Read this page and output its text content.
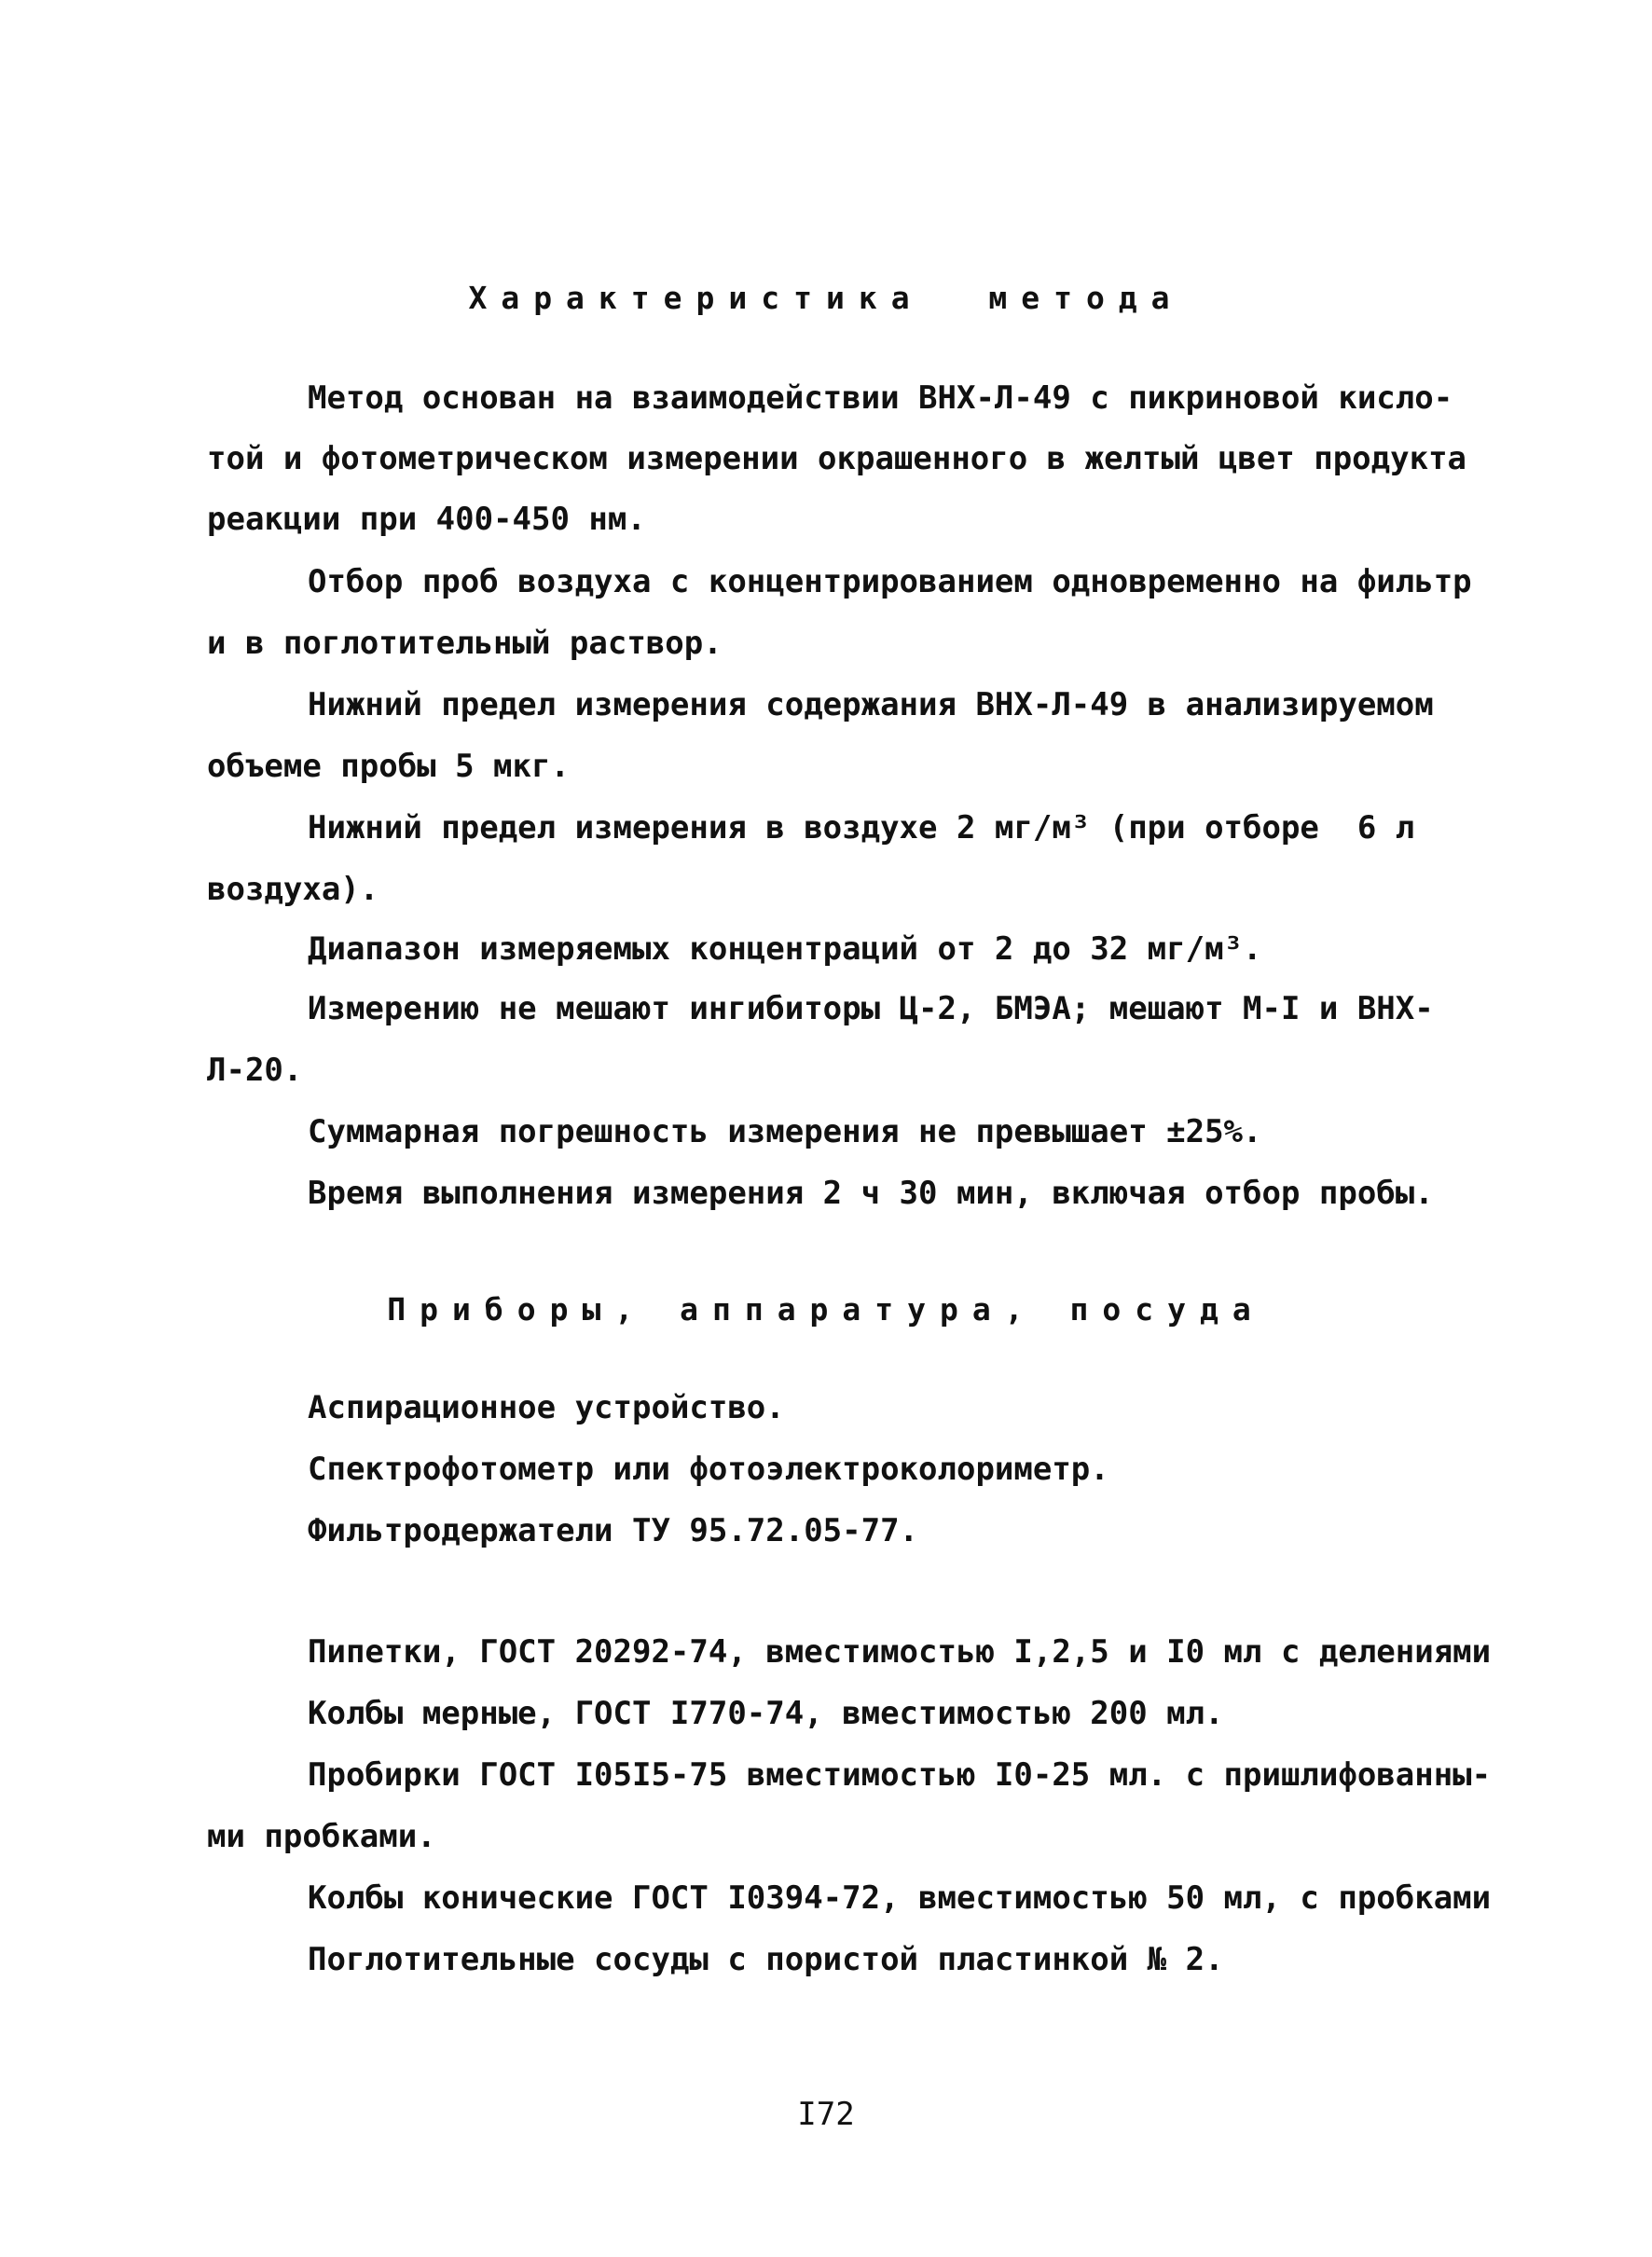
Характеристика  метода
Метод основан на взаимодействии ВНХ-Л-49 с пикриновой кисло-
той и фотометрическом измерении окрашенного в желтый цвет продукта
реакции при 400-450 нм.
Отбор проб воздуха с концентрированием одновременно на фильтр
и в поглотительный раствор.
Нижний предел измерения содержания ВНХ-Л-49 в анализируемом
объеме пробы 5 мкг.
Нижний предел измерения в воздухе 2 мг/м³ (при отборе  6 л
воздуха).
Диапазон измеряемых концентраций от 2 до 32 мг/м³.
Измерению не мешают ингибиторы Ц-2, БМЭА; мешают М-I и ВНХ-
Л-20.
Суммарная погрешность измерения не превышает ±25%.
Время выполнения измерения 2 ч 30 мин, включая отбор пробы.
Приборы, аппаратура, посуда
Аспирационное устройство.
Спектрофотометр или фотоэлектроколориметр.
Фильтродержатели ТУ 95.72.05-77.
Пипетки, ГОСТ 20292-74, вместимостью I,2,5 и I0 мл с делениями
Колбы мерные, ГОСТ I770-74, вместимостью 200 мл.
Пробирки ГОСТ I05I5-75 вместимостью I0-25 мл. с пришлифованны-
ми пробками.
Колбы конические ГОСТ I0394-72, вместимостью 50 мл, с пробками
Поглотительные сосуды с пористой пластинкой № 2.
I72
